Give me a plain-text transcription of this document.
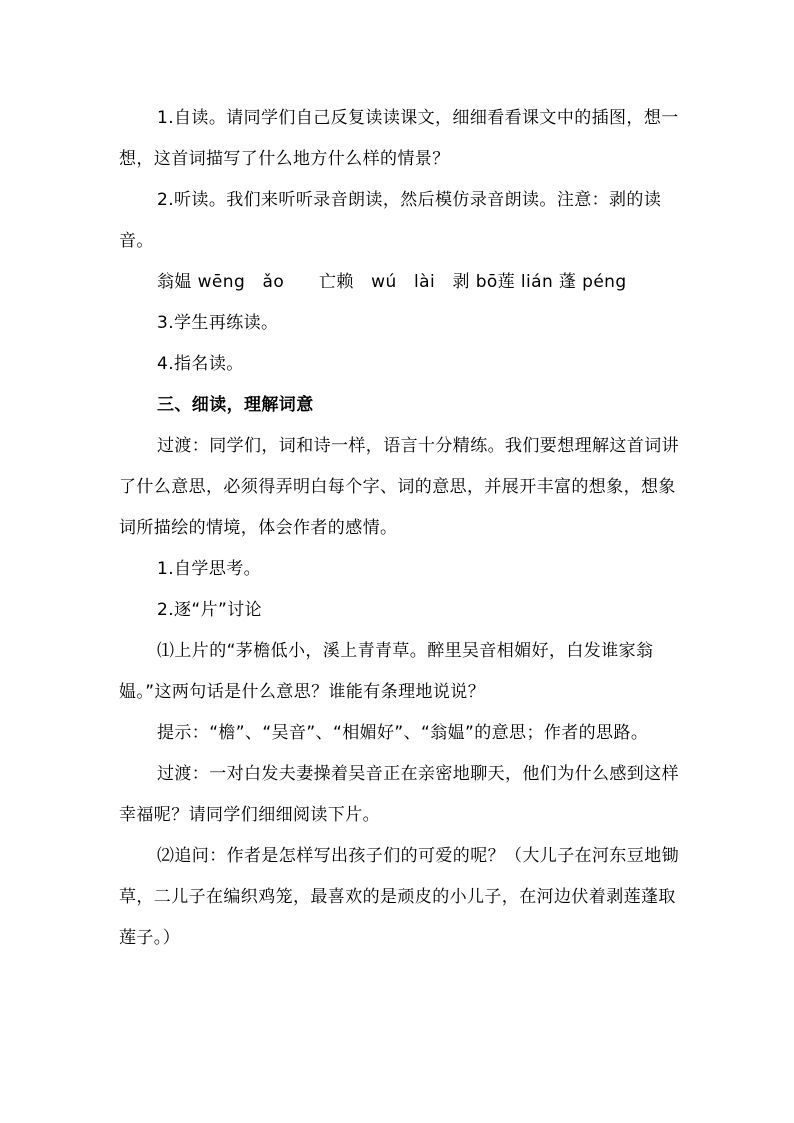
1.自读。请同学们自己反复读读课文，细细看看课文中的插图，想一想，这首词描写了什么地方什么样的情景？

2.听读。我们来听听录音朗读，然后模仿录音朗读。注意：剥的读音。

翁媪 wēng　ǎo　　亡赖　wú　lài　剥 bō莲 lián 蓬 péng

3.学生再练读。

4.指名读。

三、细读，理解词意

过渡：同学们，词和诗一样，语言十分精练。我们要想理解这首词讲了什么意思，必须得弄明白每个字、词的意思，并展开丰富的想象，想象词所描绘的情境，体会作者的感情。

1.自学思考。

2.逐“片”讨论

⑴上片的“茅檐低小，溪上青青草。醉里吴音相媚好，白发谁家翁媪。”这两句话是什么意思？谁能有条理地说说？

提示：“檐”、“吴音”、“相媚好”、“翁媪”的意思；作者的思路。

过渡：一对白发夫妻操着吴音正在亲密地聊天，他们为什么感到这样幸福呢？请同学们细细阅读下片。

⑵追问：作者是怎样写出孩子们的可爱的呢？（大儿子在河东豆地锄草，二儿子在编织鸡笼，最喜欢的是顽皮的小儿子，在河边伏着剥莲蓬取莲子。）
